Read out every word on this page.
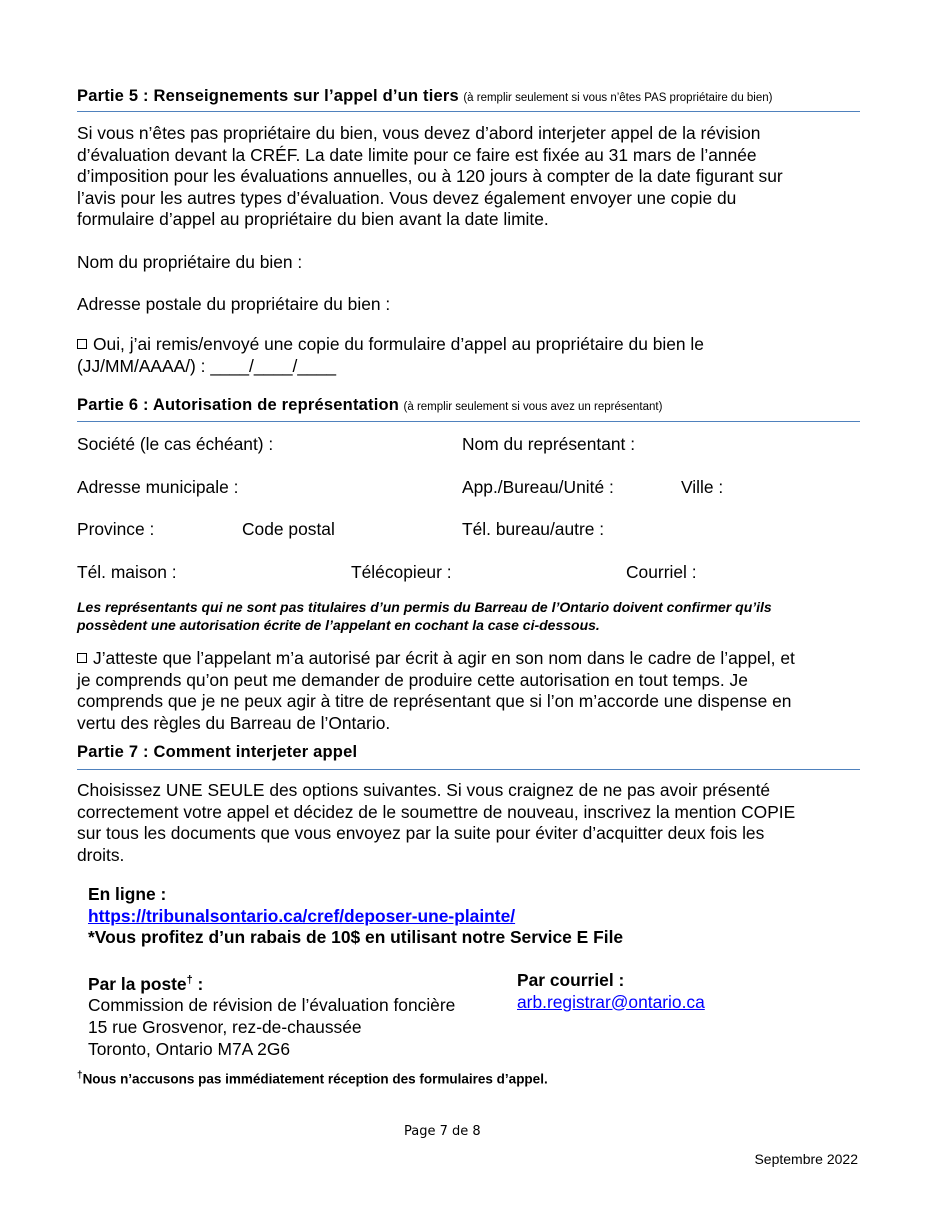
Partie 5 : Renseignements sur l’appel d’un tiers (à remplir seulement si vous n’êtes PAS propriétaire du bien)
Si vous n’êtes pas propriétaire du bien, vous devez d’abord interjeter appel de la révision
d’évaluation devant la CRÉF. La date limite pour ce faire est fixée au 31 mars de l’année
d’imposition pour les évaluations annuelles, ou à 120 jours à compter de la date figurant sur
l’avis pour les autres types d’évaluation. Vous devez également envoyer une copie du
formulaire d’appel au propriétaire du bien avant la date limite.
Nom du propriétaire du bien :
Adresse postale du propriétaire du bien :
Oui, j’ai remis/envoyé une copie du formulaire d’appel au propriétaire du bien le
(JJ/MM/AAAA/) : ____/____/____
Partie 6 : Autorisation de représentation (à remplir seulement si vous avez un représentant)
Société (le cas échéant) :	Nom du représentant :
Adresse municipale :	App./Bureau/Unité :	Ville :
Province :	Code postal	Tél. bureau/autre :
Tél. maison :	Télécopieur :	Courriel :
Les représentants qui ne sont pas titulaires d’un permis du Barreau de l’Ontario doivent confirmer qu’ils
possèdent une autorisation écrite de l’appelant en cochant la case ci-dessous.
J’atteste que l’appelant m’a autorisé par écrit à agir en son nom dans le cadre de l’appel, et
je comprends qu’on peut me demander de produire cette autorisation en tout temps. Je
comprends que je ne peux agir à titre de représentant que si l’on m’accorde une dispense en
vertu des règles du Barreau de l’Ontario.
Partie 7 : Comment interjeter appel
Choisissez UNE SEULE des options suivantes. Si vous craignez de ne pas avoir présenté
correctement votre appel et décidez de le soumettre de nouveau, inscrivez la mention COPIE
sur tous les documents que vous envoyez par la suite pour éviter d’acquitter deux fois les
droits.
En ligne :
https://tribunalsontario.ca/cref/deposer-une-plainte/
*Vous profitez d’un rabais de 10$ en utilisant notre Service E File
Par la poste† :
Commission de révision de l’évaluation foncière
15 rue Grosvenor, rez-de-chaussée
Toronto, Ontario M7A 2G6
Par courriel :
arb.registrar@ontario.ca
†Nous n’accusons pas immédiatement réception des formulaires d’appel.
Page 7 de 8
Septembre 2022
